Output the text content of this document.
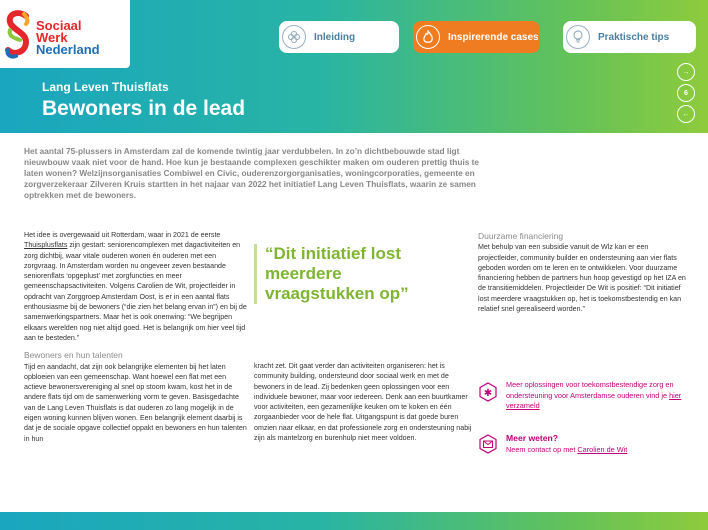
Sociaal
Werk
Nederland
Inleiding	Inspirerende cases	Praktische tips
Lang Leven Thuisflats
Bewoners in de lead
→
6
←
Het aantal 75-plussers in Amsterdam zal de komende twintig jaar verdubbelen. In zo’n dichtbebouwde stad ligt nieuwbouw vaak niet voor de hand. Hoe kun je bestaande complexen geschikter maken om ouderen prettig thuis te laten wonen? Welzijnsorganisaties Combiwel en Civic, ouderenzorgorganisaties, woningcorporaties, gemeente en zorgverzekeraar Zilveren Kruis startten in het najaar van 2022 het initiatief Lang Leven Thuisflats, waarin ze samen optrekken met de bewoners.

Het idee is overgewaaid uit Rotterdam, waar in 2021 de eerste Thuisplusflats zijn gestart: seniorencomplexen met dagactiviteiten en zorg dichtbij, waar vitale ouderen wonen én ouderen met een zorgvraag. In Amsterdam worden nu ongeveer zeven bestaande seniorenflats ‘opgeplust’ met zorgfuncties en meer gemeenschapsactiviteiten. Volgens Carolien de Wit, projectleider in opdracht van Zorggroep Amsterdam Oost, is er in een aantal flats enthousiasme bij de bewoners (“die zien het belang ervan in”) en bij de samenwerkingspartners. Maar het is ook onenwing: “We begrijpen elkaars werelden nog niet altijd goed. Het is belangrijk om hier veel tijd aan te besteden.”

Bewoners en hun talenten

Tijd en aandacht, dat zijn ook belangrijke elementen bij het laten opbloeien van een gemeenschap. Want hoewel een flat met een actieve bewonersvereniging al snel op stoom kwam, kost het in de andere flats tijd om de samenwerking vorm te geven. Basisgedachte van de Lang Leven Thuisflats is dat ouderen zo lang mogelijk in de eigen woning kunnen blijven wonen. Een belangrijk element daarbij is dat je de sociale opgave collectief oppakt en bewoners en hun talenten in hun

“Dit initiatief lost meerdere vraagstukken op”

kracht zet. Dit gaat verder dan activiteiten organiseren: het is community building, ondersteund door sociaal werk en met de bewoners in de lead. Zij bedenken geen oplossingen voor een individuele bewoner, maar voor iedereen. Denk aan een buurtkamer voor activiteiten, een gezamenlijke keuken om te koken en één zorgaanbieder voor de hele flat. Uitgangspunt is dat goede buren omzien naar elkaar, en dat professionele zorg en ondersteuning nabij zijn als mantelzorg en burenhulp niet meer voldoen.

Duurzame financiering

Met behulp van een subsidie vanuit de Wlz kan er een projectleider, community builder en ondersteuning aan vier flats geboden worden om te leren en te ontwikkelen. Voor duurzame financiering hebben de partners hun hoop gevestigd op het IZA en de transitiemiddelen. Projectleider De Wit is positief: “Dit initiatief lost meerdere vraagstukken op, het is toekomstbestendig en kan relatief snel gerealiseerd worden.”

✱
Meer oplossingen voor toekomstbestendige zorg en ondersteuning voor Amsterdamse ouderen vind je hier verzameld
Meer weten?
Neem contact op met Carolien de Wit
